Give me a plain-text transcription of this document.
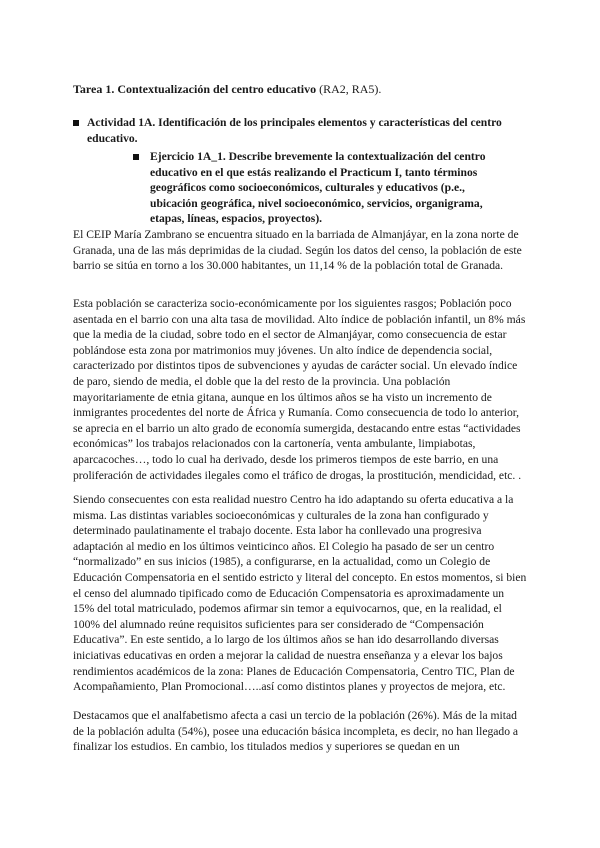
Tarea 1. Contextualización del centro educativo (RA2, RA5).
Actividad 1A. Identificación de los principales elementos y características del centro educativo.
Ejercicio 1A_1. Describe brevemente la contextualización del centro educativo en el que estás realizando el Practicum I, tanto términos geográficos como socioeconómicos, culturales y educativos (p.e., ubicación geográfica, nivel socioeconómico, servicios, organigrama, etapas, líneas, espacios, proyectos).

El CEIP María Zambrano se encuentra situado en la barriada de Almanjáyar, en la zona norte de Granada, una de las más deprimidas de la ciudad. Según los datos del censo, la población de este barrio se sitúa en torno a los 30.000 habitantes, un 11,14 % de la población total de Granada.

Esta población se caracteriza socio-económicamente por los siguientes rasgos; Población poco asentada en el barrio con una alta tasa de movilidad. Alto índice de población infantil, un 8% más que la media de la ciudad, sobre todo en el sector de Almanjáyar, como consecuencia de estar poblándose esta zona por matrimonios muy jóvenes. Un alto índice de dependencia social, caracterizado por distintos tipos de subvenciones y ayudas de carácter social. Un elevado índice de paro, siendo de media, el doble que la del resto de la provincia. Una población mayoritariamente de etnia gitana, aunque en los últimos años se ha visto un incremento de inmigrantes procedentes del norte de África y Rumanía. Como consecuencia de todo lo anterior, se aprecia en el barrio un alto grado de economía sumergida, destacando entre estas “actividades económicas” los trabajos relacionados con la cartonería, venta ambulante, limpiabotas, aparcacoches…, todo lo cual ha derivado, desde los primeros tiempos de este barrio, en una proliferación de actividades ilegales como el tráfico de drogas, la prostitución, mendicidad, etc. .

Siendo consecuentes con esta realidad nuestro Centro ha ido adaptando su oferta educativa a la misma. Las distintas variables socioeconómicas y culturales de la zona han configurado y determinado paulatinamente el trabajo docente. Esta labor ha conllevado una progresiva adaptación al medio en los últimos veinticinco años. El Colegio ha pasado de ser un centro “normalizado” en sus inicios (1985), a configurarse, en la actualidad, como un Colegio de Educación Compensatoria en el sentido estricto y literal del concepto. En estos momentos, si bien el censo del alumnado tipificado como de Educación Compensatoria es aproximadamente un 15% del total matriculado, podemos afirmar sin temor a equivocarnos, que, en la realidad, el 100% del alumnado reúne requisitos suficientes para ser considerado de “Compensación Educativa”. En este sentido, a lo largo de los últimos años se han ido desarrollando diversas iniciativas educativas en orden a mejorar la calidad de nuestra enseñanza y a elevar los bajos rendimientos académicos de la zona: Planes de Educación Compensatoria, Centro TIC, Plan de Acompañamiento, Plan Promocional…..así como distintos planes y proyectos de mejora, etc.

Destacamos que el analfabetismo afecta a casi un tercio de la población (26%). Más de la mitad de la población adulta (54%), posee una educación básica incompleta, es decir, no han llegado a finalizar los estudios. En cambio, los titulados medios y superiores se quedan en un
